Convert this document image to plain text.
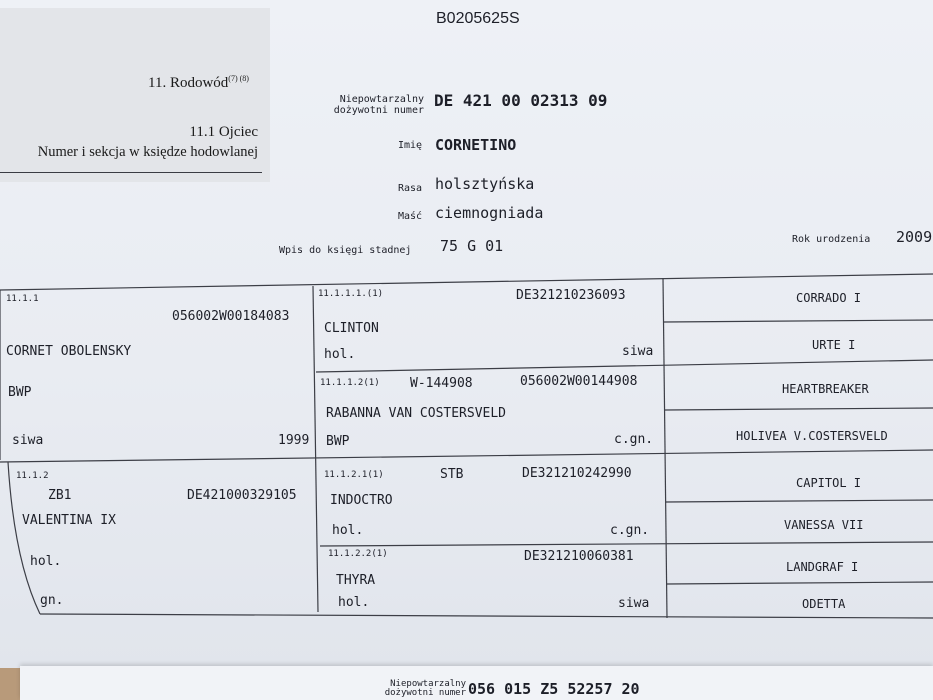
11. Rodowód$^{(7) (8)}$
11.1 Ojciec
Numer i sekcja w księdze hodowlanej
B0205625S
Niepowtarzalny
dożywotni numer
DE 421 00 02313 09
Imię CORNETINO
Rasa holsztyńska
Maść ciemnogniada
Wpis do księgi stadnej 75 G 01	Rok urodzenia 2009
11.1.1
056002W00184083
CORNET OBOLENSKY
BWP
siwa	1999
11.1.2
ZB1	DE421000329105
VALENTINA IX
hol.
gn.
11.1.1.1.(1)	DE321210236093
CLINTON
hol.	siwa
11.1.1.2(1) W-144908	056002W00144908
RABANNA VAN COSTERSVELD
BWP	c.gn.
11.1.2.1(1)	STB	DE321210242990
INDOCTRO
hol.	c.gn.
11.1.2.2(1)	DE321210060381
THYRA
hol.	siwa
CORRADO I
URTE I
HEARTBREAKER
HOLIVEA V.COSTERSVELD
CAPITOL I
VANESSA VII
LANDGRAF I
ODETTA
Niepowtarzalny
dożywotni numer 056 015 Z5 52257 20
